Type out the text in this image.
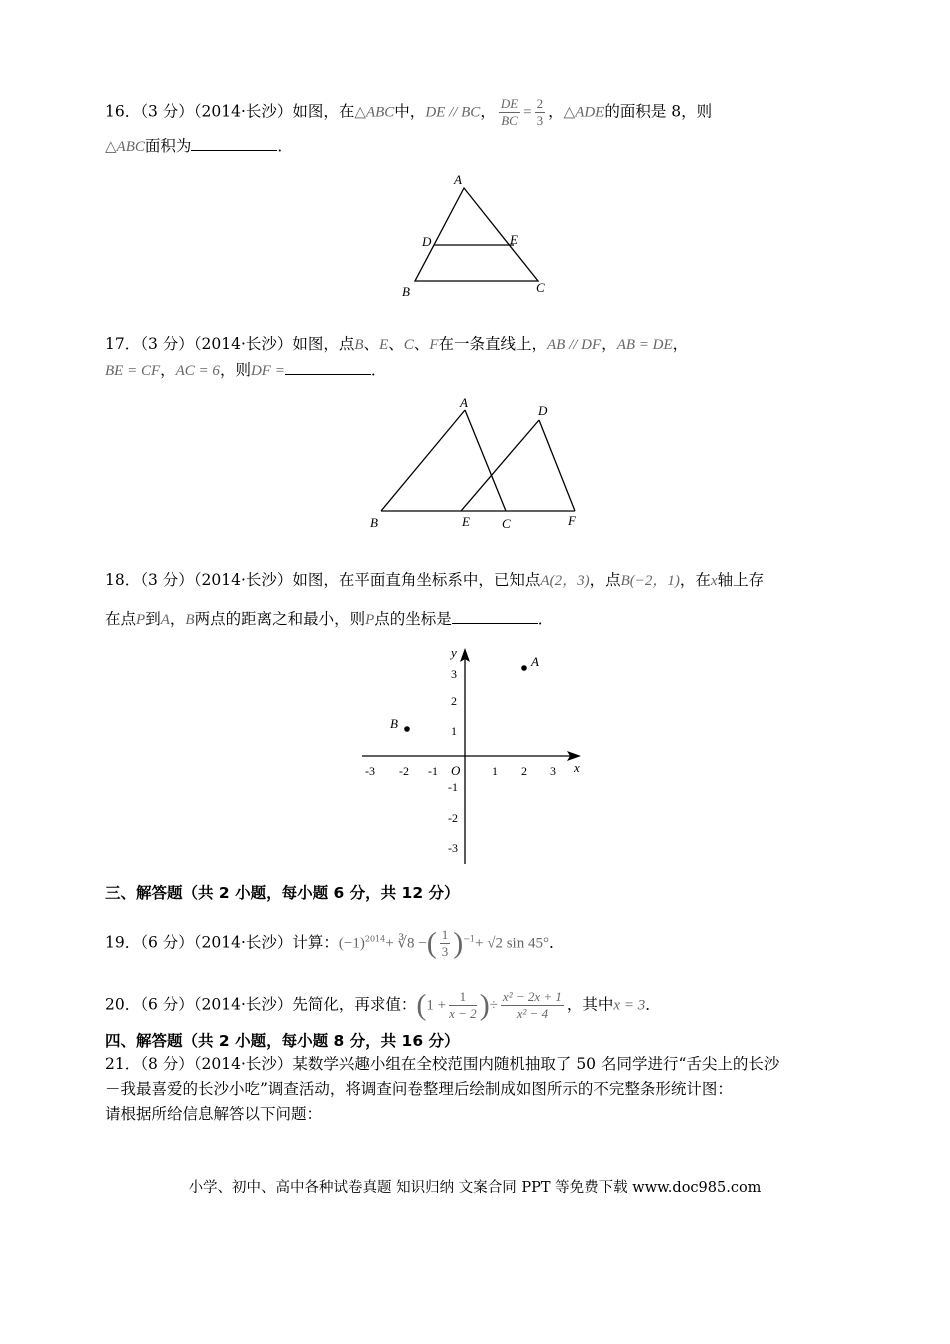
16．（3 分）（2014·长沙）如图，在△ABC中，DE // BC， $\frac{DE}{BC} = \frac{2}{3}$ ，△ADE的面积是 8，则
△ABC面积为	．
A
D	E
B	C
17．（3 分）（2014·长沙）如图，点B、E、C、F在一条直线上，AB // DF，AB = DE，
BE = CF，AC = 6，则DF =	．
A
D
B	E C	F
18．（3 分）（2014·长沙）如图，在平面直角坐标系中，已知点A(2，3)，点B(−2，1)，在x轴上存
在点P到A，B两点的距离之和最小，则P点的坐标是	．
y
x
O
-3 -2 -1	1 2 3
3
2
1
-1
-2
-3
A
B
三、解答题（共 2 小题，每小题 6 分，共 12 分）
19．（6 分）（2014·长沙）计算：$(-1)^{2014}+$ ∛8 −( $\frac{1}{3} )^{-1}+ √2$ sin 45°．
20．（6 分）（2014·长沙）先简化，再求值：($1 + \frac{1}{x - 2}$ )÷ $\frac{\text{x² − 2x + 1}}{\text{x² − 4}}$ ，其中x = 3．
四、解答题（共 2 小题，每小题 8 分，共 16 分）
21．（8 分）（2014·长沙）某数学兴趣小组在全校范围内随机抽取了 50 名同学进行“舌尖上的长沙
－我最喜爱的长沙小吃”调查活动，将调查问卷整理后绘制成如图所示的不完整条形统计图：
请根据所给信息解答以下问题：
小学、初中、高中各种试卷真题 知识归纳 文案合同 PPT 等免费下载 www.doc985.com
